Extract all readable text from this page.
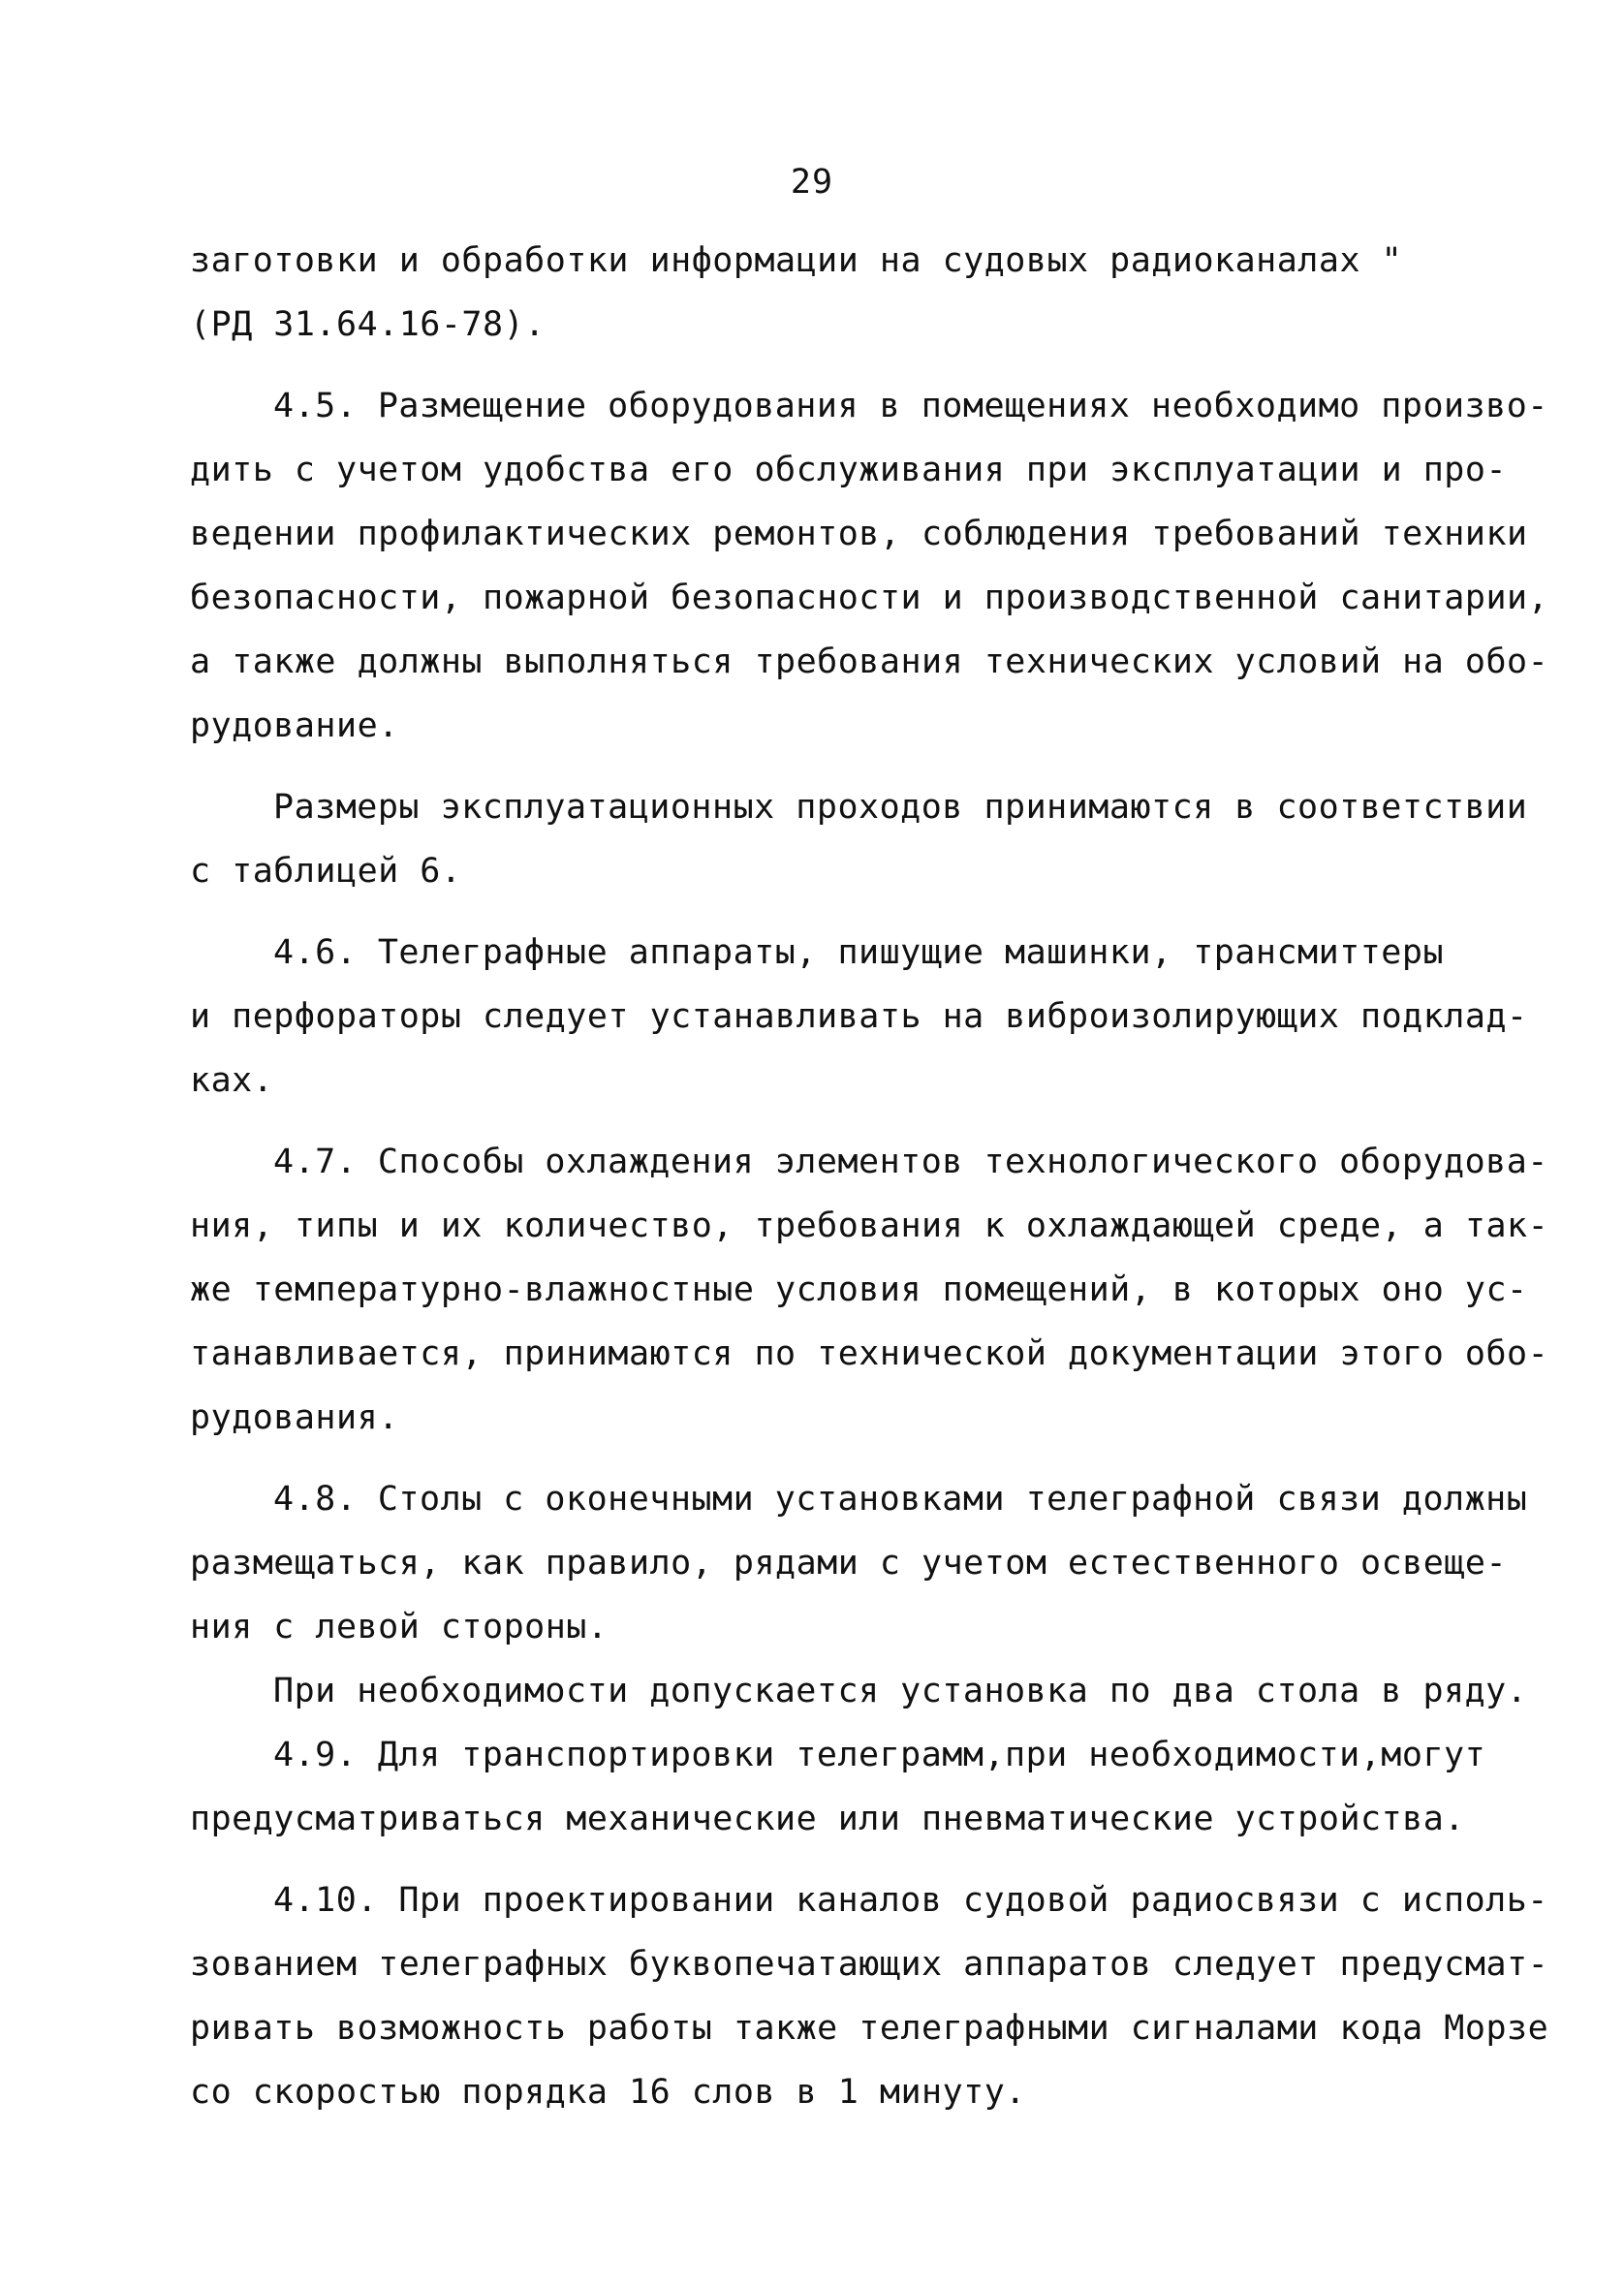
29
заготовки и обработки информации на судовых радиоканалах "
(РД 31.64.16-78).
4.5. Размещение оборудования в помещениях необходимо произво-
дить с учетом удобства его обслуживания при эксплуатации и про-
ведении профилактических ремонтов, соблюдения требований техники
безопасности, пожарной безопасности и производственной санитарии,
а также должны выполняться требования технических условий на обо-
рудование.
Размеры эксплуатационных проходов принимаются в соответствии
с таблицей 6.
4.6. Телеграфные аппараты, пишущие машинки, трансмиттеры
и перфораторы следует устанавливать на виброизолирующих подклад-
ках.
4.7. Способы охлаждения элементов технологического оборудова-
ния, типы и их количество, требования к охлаждающей среде, а так-
же температурно-влажностные условия помещений, в которых оно ус-
танавливается, принимаются по технической документации этого обо-
рудования.
4.8. Столы с оконечными установками телеграфной связи должны
размещаться, как правило, рядами с учетом естественного освеще-
ния с левой стороны.
При необходимости допускается установка по два стола в ряду.
4.9. Для транспортировки телеграмм,при необходимости,могут
предусматриваться механические или пневматические устройства.
4.10. При проектировании каналов судовой радиосвязи с исполь-
зованием телеграфных буквопечатающих аппаратов следует предусмат-
ривать возможность работы также телеграфными сигналами кода Морзе
со скоростью порядка 16 слов в 1 минуту.
